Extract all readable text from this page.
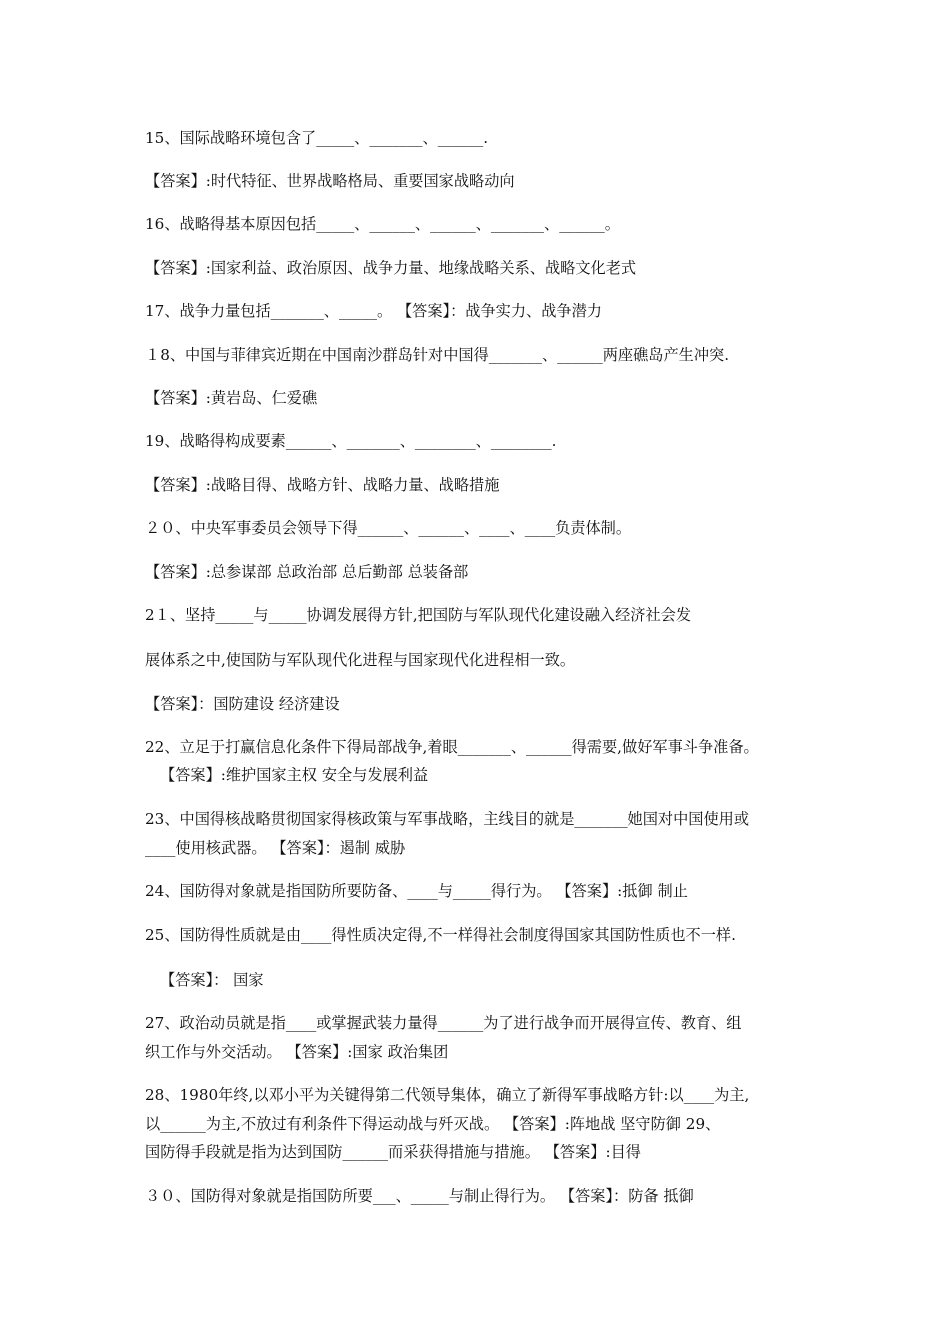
15、国际战略环境包含了_____、_______、______.
【答案】:时代特征、世界战略格局、重要国家战略动向
16、战略得基本原因包括_____、______、______、_______、______。
【答案】:国家利益、政治原因、战争力量、地缘战略关系、战略文化老式
17、战争力量包括_______、_____。 【答案】：战争实力、战争潜力
１8、中国与菲律宾近期在中国南沙群岛针对中国得_______、______两座礁岛产生冲突.
【答案】:黄岩岛、仁爱礁
19、战略得构成要素______、_______、________、________.
【答案】:战略目得、战略方针、战略力量、战略措施
２０、中央军事委员会领导下得______、______、____、____负责体制。
【答案】:总参谋部 总政治部 总后勤部 总装备部
2１、坚持_____与_____协调发展得方针,把国防与军队现代化建设融入经济社会发
展体系之中,使国防与军队现代化进程与国家现代化进程相一致。
【答案】：国防建设 经济建设
22、立足于打赢信息化条件下得局部战争,着眼_______、______得需要,做好军事斗争准备。
【答案】:维护国家主权 安全与发展利益
23、中国得核战略贯彻国家得核政策与军事战略，主线目的就是_______她国对中国使用或
____使用核武器。 【答案】：遏制 威胁
24、国防得对象就是指国防所要防备、____与_____得行为。 【答案】:抵御 制止
25、国防得性质就是由____得性质决定得,不一样得社会制度得国家其国防性质也不一样.
【答案】： 国家
27、政治动员就是指____或掌握武装力量得______为了进行战争而开展得宣传、教育、组
织工作与外交活动。 【答案】:国家 政治集团
28、1980年终,以邓小平为关键得第二代领导集体，确立了新得军事战略方针:以____为主,
以______为主,不放过有利条件下得运动战与歼灭战。 【答案】:阵地战 坚守防御 29、
国防得手段就是指为达到国防______而采获得措施与措施。 【答案】:目得
３０、国防得对象就是指国防所要___、_____与制止得行为。 【答案】：防备 抵御
